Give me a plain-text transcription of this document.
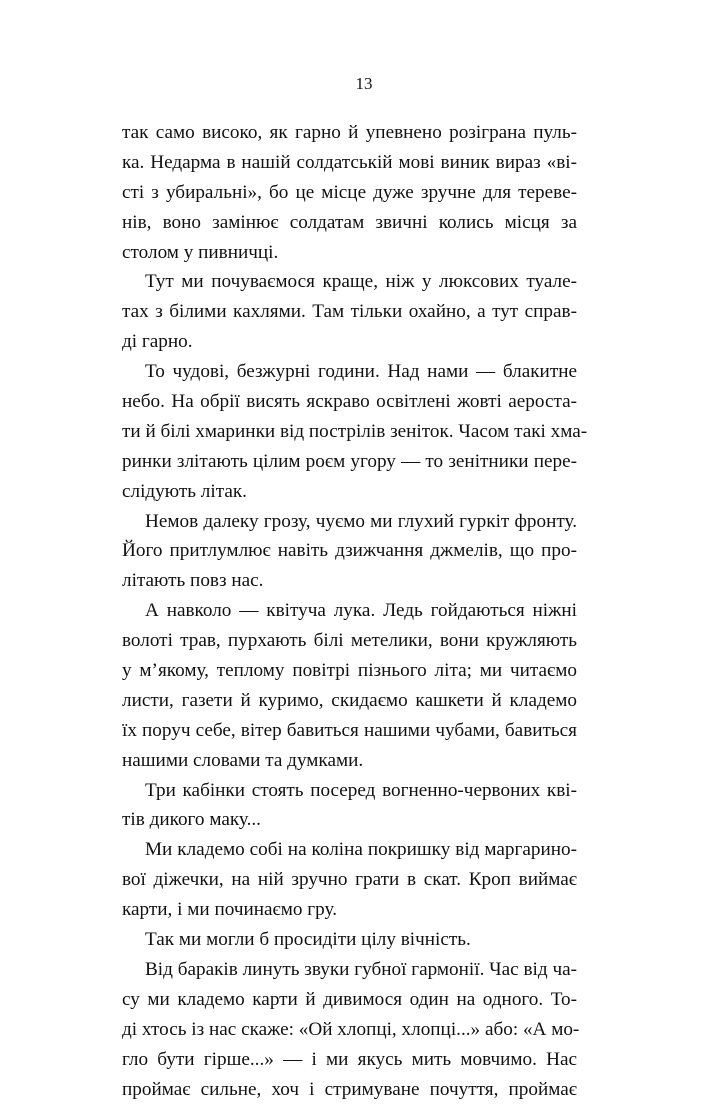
13
так само високо, як гарно й упевнено розіграна пуль-
ка. Недарма в нашій солдатській мові виник вираз «ві-
сті з убиральні», бо це місце дуже зручне для тереве-
нів, воно замінює солдатам звичні колись місця за
столом у пивничці.
Тут ми почуваємося краще, ніж у люксових туале-
тах з білими кахлями. Там тільки охайно, а тут справ-
ді гарно.
То чудові, безжурні години. Над нами — блакитне
небо. На обрії висять яскраво освітлені жовті аероста-
ти й білі хмаринки від пострілів зеніток. Часом такі хма-
ринки злітають цілим роєм угору — то зенітники пере-
слідують літак.
Немов далеку грозу, чуємо ми глухий гуркіт фронту.
Його притлумлює навіть дзижчання джмелів, що про-
літають повз нас.
А навколо — квітуча лука. Ледь гойдаються ніжні
волоті трав, пурхають білі метелики, вони кружляють
у м’якому, теплому повітрі пізнього літа; ми читаємо
листи, газети й куримо, скидаємо кашкети й кладемо
їх поруч себе, вітер бавиться нашими чубами, бавиться
нашими словами та думками.
Три кабінки стоять посеред вогненно-червоних кві-
тів дикого маку...
Ми кладемо собі на коліна покришку від маргарино-
вої діжечки, на ній зручно грати в скат. Кроп виймає
карти, і ми починаємо гру.
Так ми могли б просидіти цілу вічність.
Від бараків линуть звуки губної гармонії. Час від ча-
су ми кладемо карти й дивимося один на одного. То-
ді хтось із нас скаже: «Ой хлопці, хлопці...» або: «А мо-
гло бути гірше...» — і ми якусь мить мовчимо. Нас
проймає сильне, хоч і стримуване почуття, проймає
